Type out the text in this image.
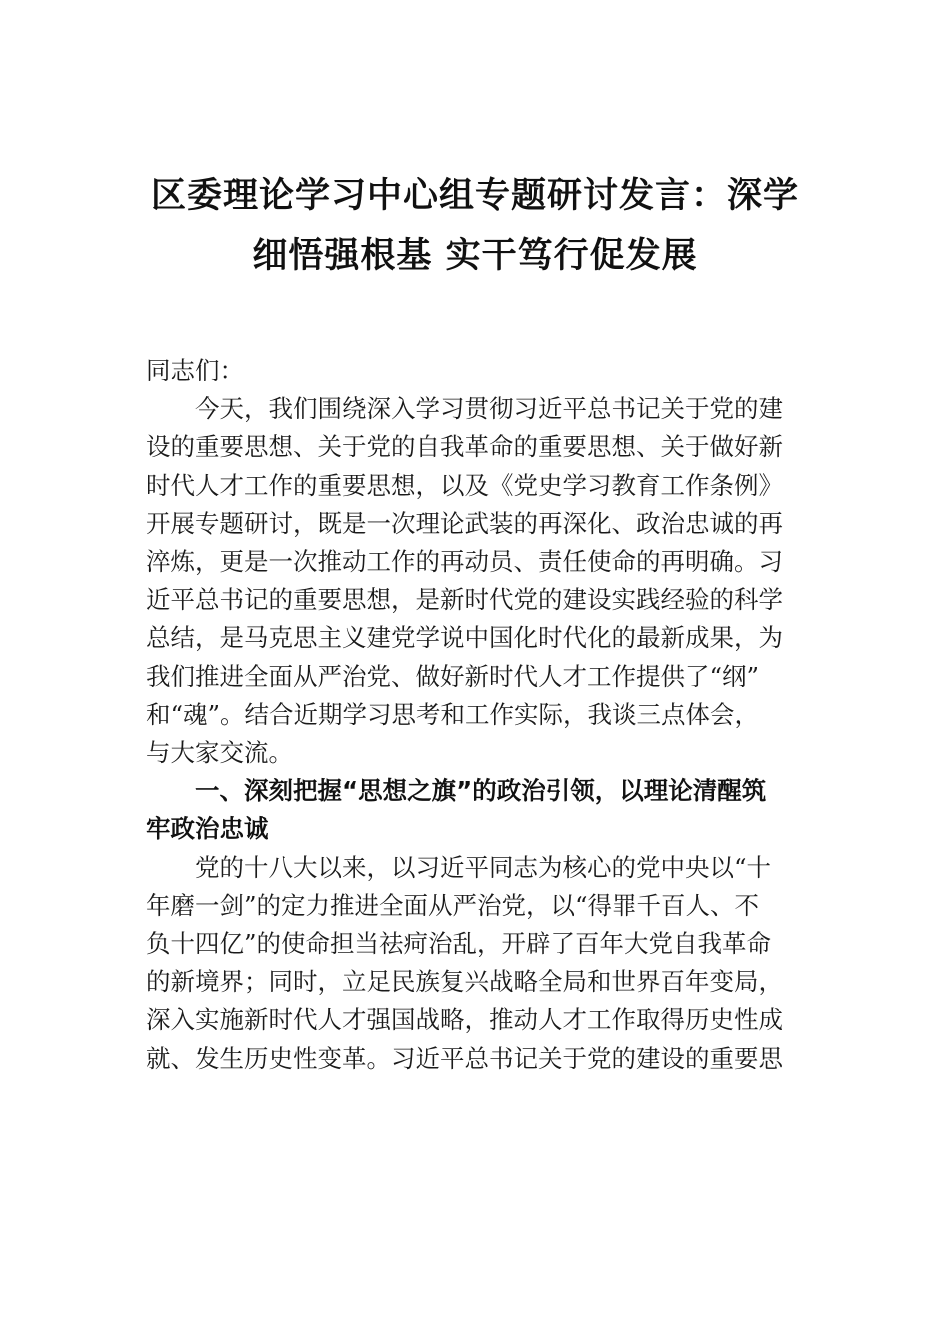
区委理论学习中心组专题研讨发言：深学
细悟强根基 实干笃行促发展

同志们：

今天，我们围绕深入学习贯彻习近平总书记关于党的建

设的重要思想、关于党的自我革命的重要思想、关于做好新
时代人才工作的重要思想，以及《党史学习教育工作条例》
开展专题研讨，既是一次理论武装的再深化、政治忠诚的再
淬炼，更是一次推动工作的再动员、责任使命的再明确。习
近平总书记的重要思想，是新时代党的建设实践经验的科学
总结，是马克思主义建党学说中国化时代化的最新成果，为
我们推进全面从严治党、做好新时代人才工作提供了“纲”
和“魂”。结合近期学习思考和工作实际，我谈三点体会，
与大家交流。

一、深刻把握“思想之旗”的政治引领，以理论清醒筑

牢政治忠诚

党的十八大以来，以习近平同志为核心的党中央以“十

年磨一剑”的定力推进全面从严治党，以“得罪千百人、不
负十四亿”的使命担当祛疴治乱，开辟了百年大党自我革命
的新境界；同时，立足民族复兴战略全局和世界百年变局，
深入实施新时代人才强国战略，推动人才工作取得历史性成
就、发生历史性变革。习近平总书记关于党的建设的重要思
